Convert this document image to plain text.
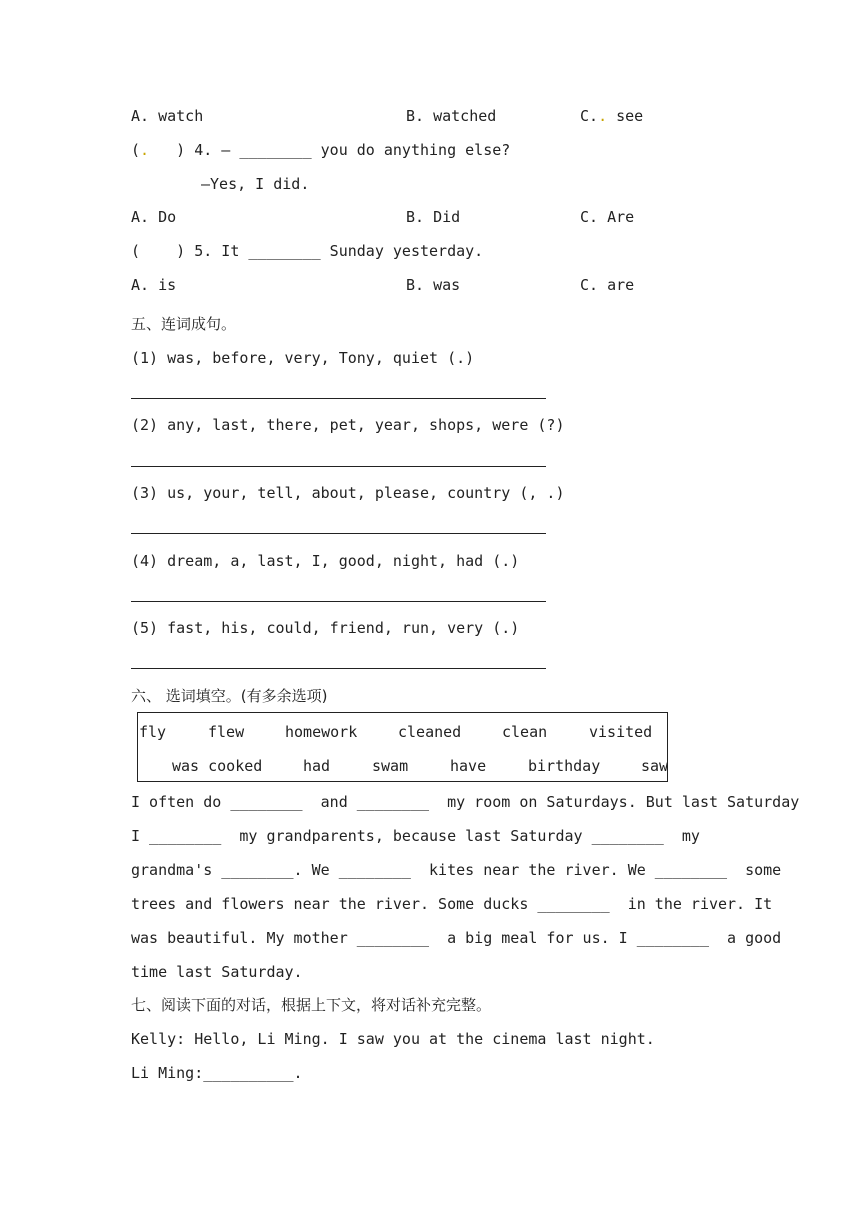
A. watch	B. watched	C.. see
(.   ) 4. — ________ you do anything else?
—Yes, I did.
A. Do	B. Did	C. Are
(    ) 5. It ________ Sunday yesterday.
A. is	B. was	C. are
五、连词成句。
(1) was, before, very, Tony, quiet (.)
(2) any, last, there, pet, year, shops, were (?)
(3) us, your, tell, about, please, country (, .)
(4) dream, a, last, I, good, night, had (.)
(5) fast, his, could, friend, run, very (.)
六、 选词填空。(有多余选项)
fly	flew	homework	cleaned	clean	visited
was cooked	had	swam	have	birthday	saw
I often do ________  and ________  my room on Saturdays. But last Saturday
I ________  my grandparents, because last Saturday ________  my
grandma's ________. We ________  kites near the river. We ________  some
trees and flowers near the river. Some ducks ________  in the river. It
was beautiful. My mother ________  a big meal for us. I ________  a good
time last Saturday.
七、阅读下面的对话，根据上下文，将对话补充完整。
Kelly: Hello, Li Ming. I saw you at the cinema last night.
Li Ming:__________.
